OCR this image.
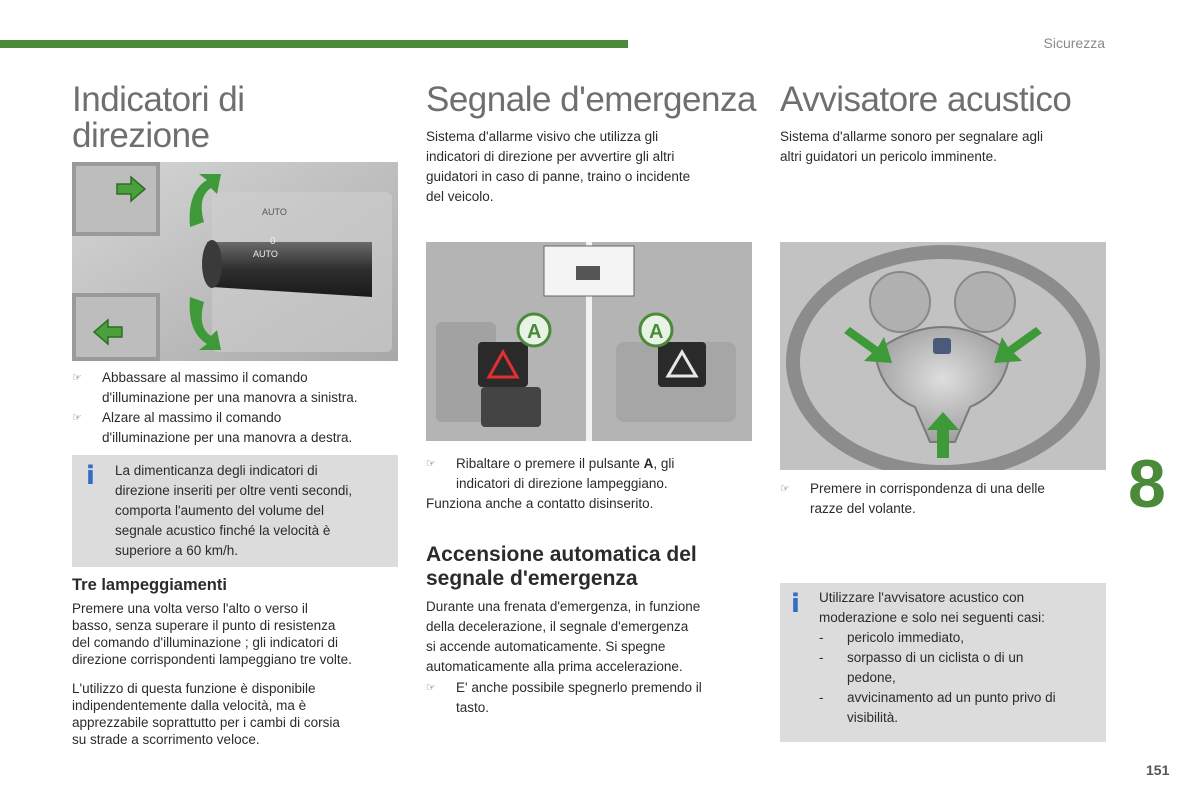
Sicurezza
Indicatori di
direzione
AUTO
AUTO
0
☞ Abbassare al massimo il comando
d'illuminazione per una manovra a sinistra.
☞ Alzare al massimo il comando
d'illuminazione per una manovra a destra.
i La dimenticanza degli indicatori di
direzione inseriti per oltre venti secondi,
comporta l'aumento del volume del
segnale acustico finché la velocità è
superiore a 60 km/h.
Tre lampeggiamenti
Premere una volta verso l'alto o verso il
basso, senza superare il punto di resistenza
del comando d'illuminazione ; gli indicatori di
direzione corrispondenti lampeggiano tre volte.
L'utilizzo di questa funzione è disponibile
indipendentemente dalla velocità, ma è
apprezzabile soprattutto per i cambi di corsia
su strade a scorrimento veloce.
Segnale d'emergenza
Sistema d'allarme visivo che utilizza gli
indicatori di direzione per avvertire gli altri
guidatori in caso di panne, traino o incidente
del veicolo.
A	A
☞ Ribaltare o premere il pulsante A, gli
indicatori di direzione lampeggiano.
Funziona anche a contatto disinserito.
Accensione automatica del
segnale d'emergenza
Durante una frenata d'emergenza, in funzione
della decelerazione, il segnale d'emergenza
si accende automaticamente. Si spegne
automaticamente alla prima accelerazione.
☞ E' anche possibile spegnerlo premendo il
tasto.
Avvisatore acustico
Sistema d'allarme sonoro per segnalare agli
altri guidatori un pericolo imminente.
☞ Premere in corrispondenza di una delle
razze del volante.
i Utilizzare l'avvisatore acustico con
moderazione e solo nei seguenti casi:
- pericolo immediato,
- sorpasso di un ciclista o di un
pedone,
- avvicinamento ad un punto privo di
visibilità.
8
151
